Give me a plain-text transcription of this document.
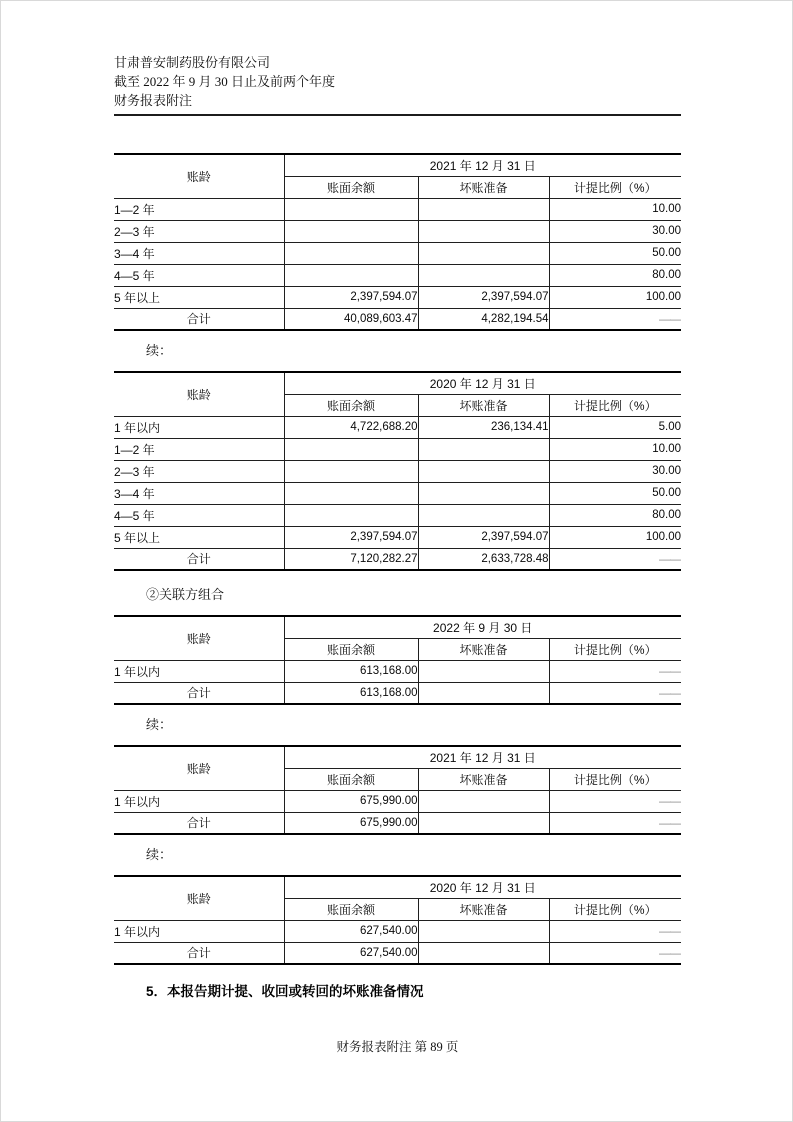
甘肃普安制药股份有限公司
截至 2022 年 9 月 30 日止及前两个年度
财务报表附注
账龄	2021 年 12 月 31 日		
	账面余额	坏账准备	计提比例（%）
1—2 年			10.00
2—3 年			30.00
3—4 年			50.00
4—5 年			80.00
5 年以上	2,397,594.07	2,397,594.07	100.00
合计	40,089,603.47	4,282,194.54	——
续：
账龄	2020 年 12 月 31 日		
	账面余额	坏账准备	计提比例（%）
1 年以内	4,722,688.20	236,134.41	5.00
1—2 年			10.00
2—3 年			30.00
3—4 年			50.00
4—5 年			80.00
5 年以上	2,397,594.07	2,397,594.07	100.00
合计	7,120,282.27	2,633,728.48	——
②关联方组合
账龄	2022 年 9 月 30 日		
	账面余额	坏账准备	计提比例（%）
1 年以内	613,168.00		——
合计	613,168.00		——
续：
账龄	2021 年 12 月 31 日		
	账面余额	坏账准备	计提比例（%）
1 年以内	675,990.00		——
合计	675,990.00		——
续：
账龄	2020 年 12 月 31 日		
	账面余额	坏账准备	计提比例（%）
1 年以内	627,540.00		——
合计	627,540.00		——
5．本报告期计提、收回或转回的坏账准备情况
财务报表附注 第 89 页
